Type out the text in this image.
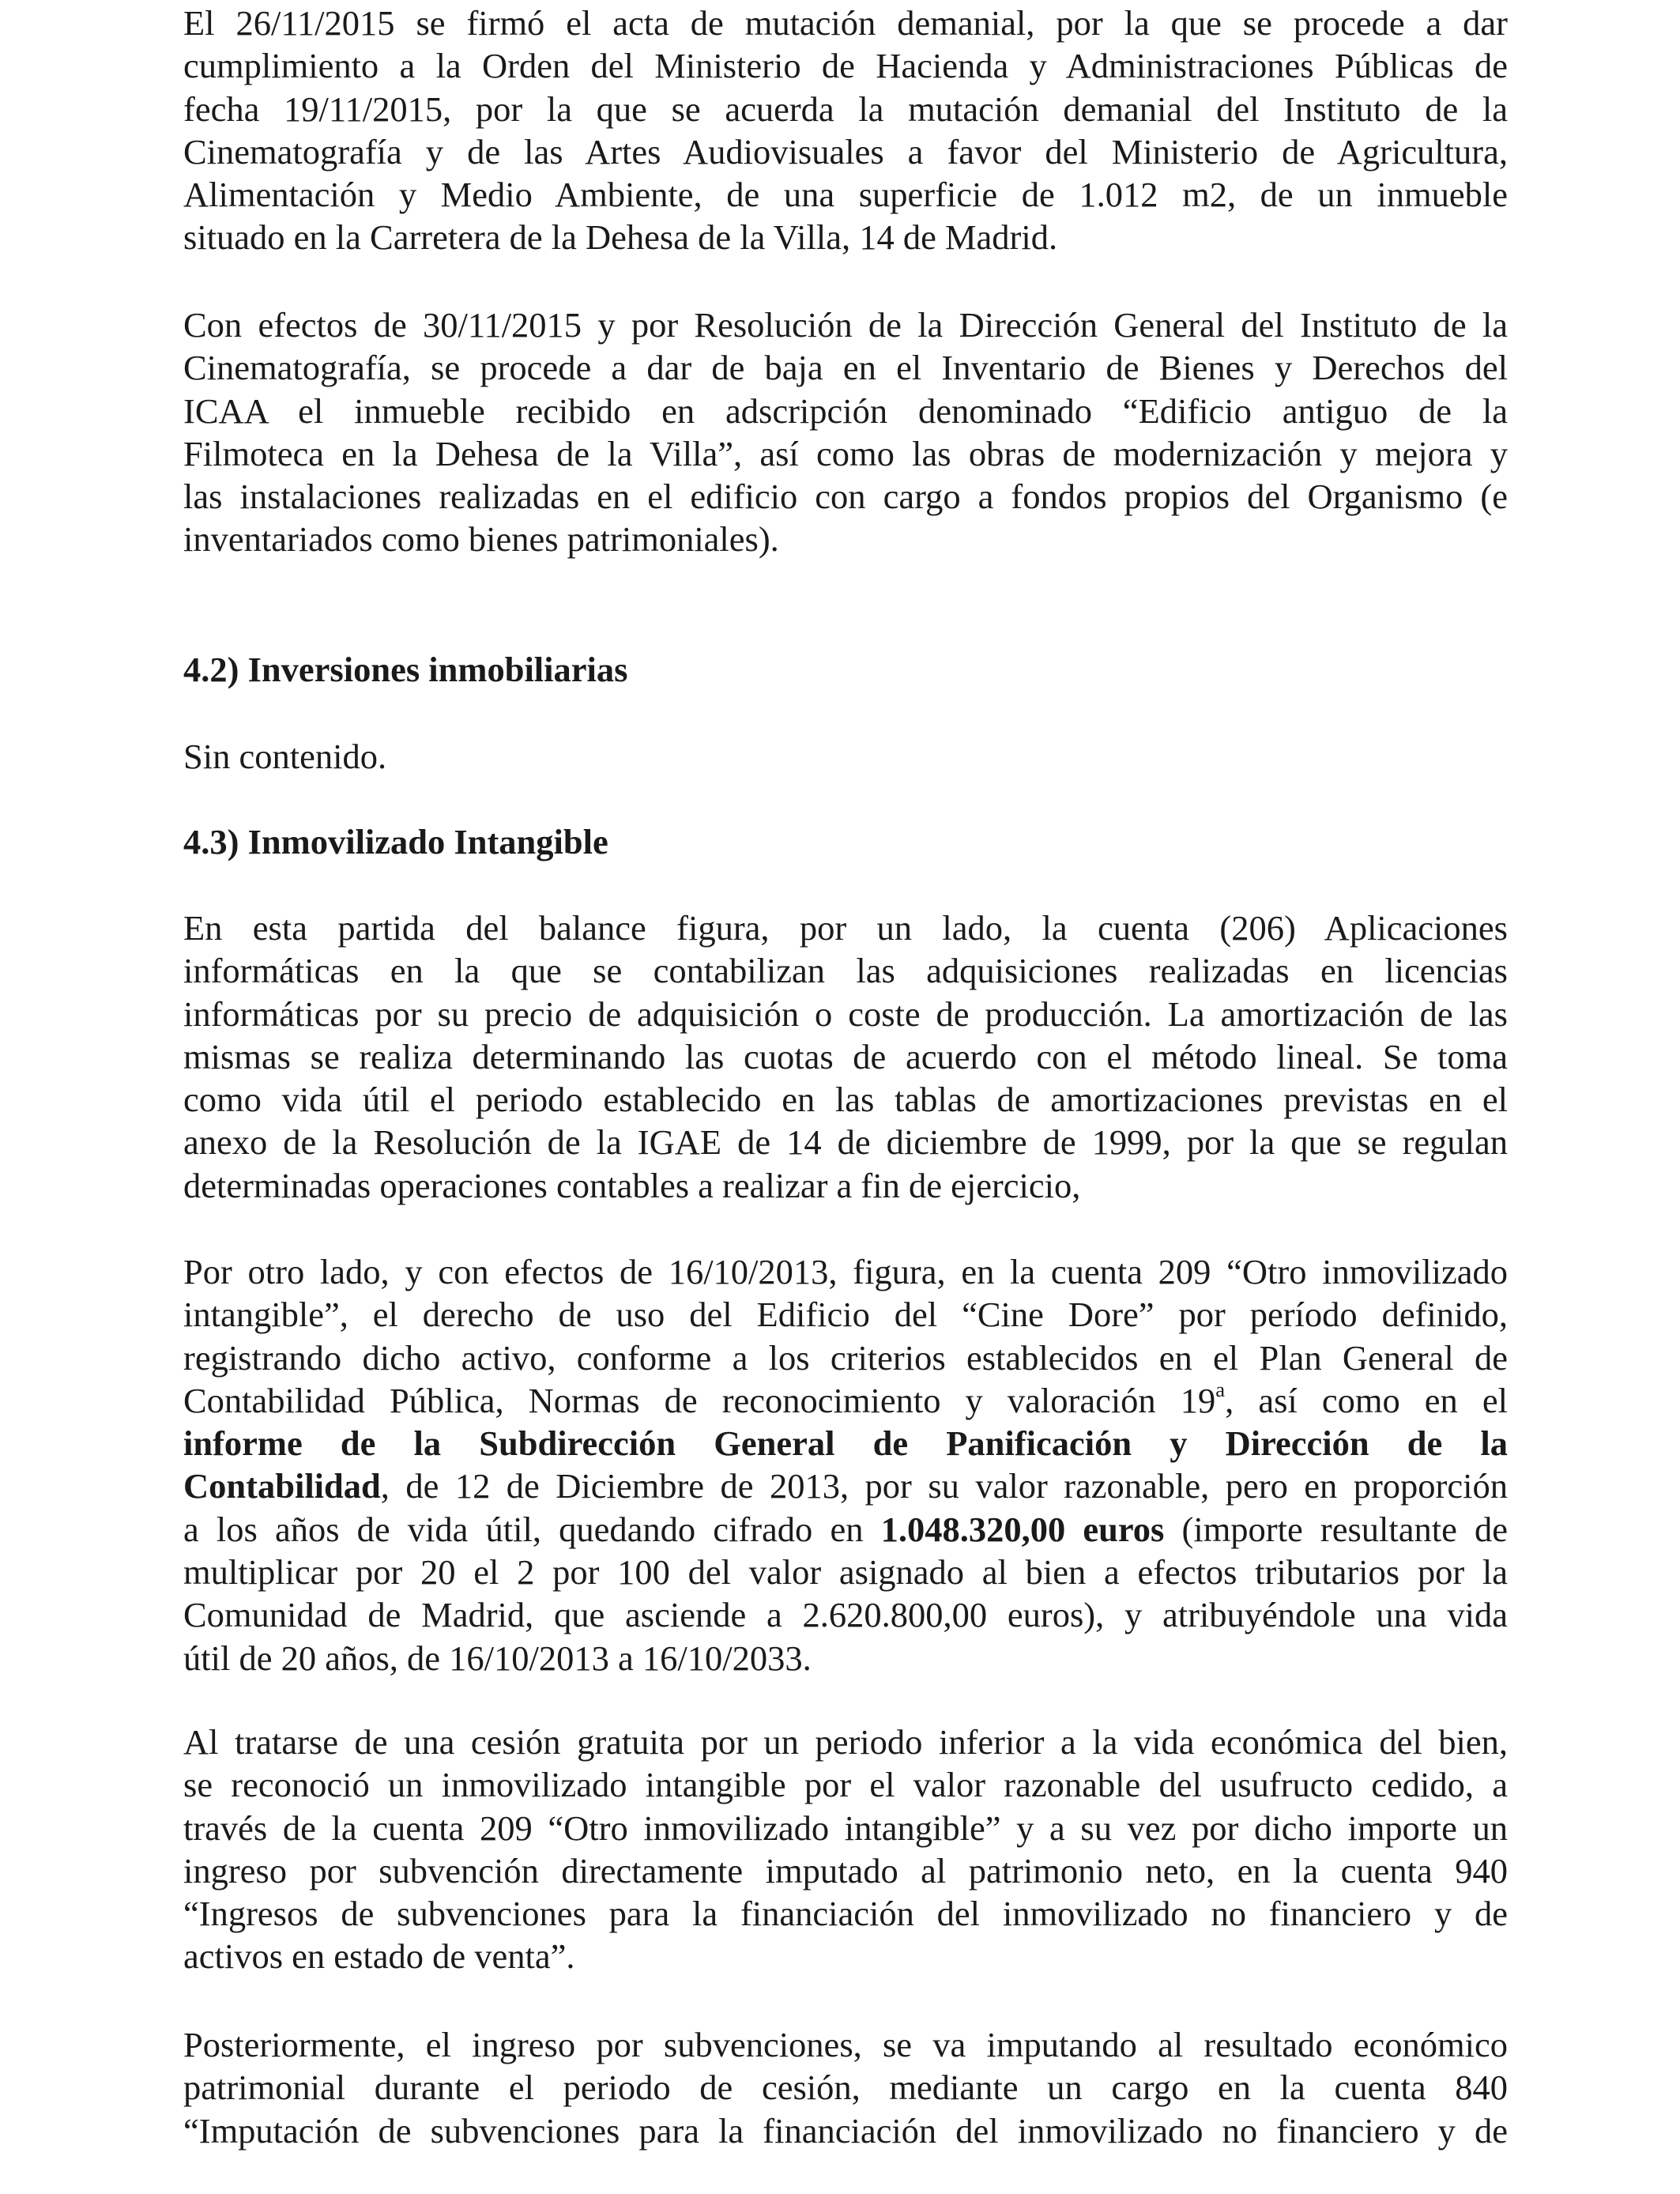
El 26/11/2015 se firmó el acta de mutación demanial, por la que se procede a dar
cumplimiento a la Orden del Ministerio de Hacienda y Administraciones Públicas de
fecha 19/11/2015, por la que se acuerda la mutación demanial del Instituto de la
Cinematografía y de las Artes Audiovisuales a favor del Ministerio de Agricultura,
Alimentación y Medio Ambiente, de una superficie de 1.012 m2, de un inmueble
situado en la Carretera de la Dehesa de la Villa, 14 de Madrid.
Con efectos de 30/11/2015 y por Resolución de la Dirección General del Instituto de la
Cinematografía, se procede a dar de baja en el Inventario de Bienes y Derechos del
ICAA el inmueble recibido en adscripción denominado “Edificio antiguo de la
Filmoteca en la Dehesa de la Villa”, así como las obras de modernización y mejora y
las instalaciones realizadas en el edificio con cargo a fondos propios del Organismo (e
inventariados como bienes patrimoniales).
4.2) Inversiones inmobiliarias

Sin contenido.

4.3) Inmovilizado Intangible
En esta partida del balance figura, por un lado, la cuenta (206) Aplicaciones
informáticas en la que se contabilizan las adquisiciones realizadas en licencias
informáticas por su precio de adquisición o coste de producción. La amortización de las
mismas se realiza determinando las cuotas de acuerdo con el método lineal. Se toma
como vida útil el periodo establecido en las tablas de amortizaciones previstas en el
anexo de la Resolución de la IGAE de 14 de diciembre de 1999, por la que se regulan
determinadas operaciones contables a realizar a fin de ejercicio,
Por otro lado, y con efectos de 16/10/2013, figura, en la cuenta 209 “Otro inmovilizado
intangible”, el derecho de uso del Edificio del “Cine Dore” por período definido,
registrando dicho activo, conforme a los criterios establecidos en el Plan General de
Contabilidad Pública, Normas de reconocimiento y valoración 19$^a$, así como en el
informe de la Subdirección General de Panificación y Dirección de la
Contabilidad, de 12 de Diciembre de 2013, por su valor razonable, pero en proporción
a los años de vida útil, quedando cifrado en 1.048.320,00 euros (importe resultante de
multiplicar por 20 el 2 por 100 del valor asignado al bien a efectos tributarios por la
Comunidad de Madrid, que asciende a 2.620.800,00 euros), y atribuyéndole una vida
útil de 20 años, de 16/10/2013 a 16/10/2033.
Al tratarse de una cesión gratuita por un periodo inferior a la vida económica del bien,
se reconoció un inmovilizado intangible por el valor razonable del usufructo cedido, a
través de la cuenta 209 “Otro inmovilizado intangible” y a su vez por dicho importe un
ingreso por subvención directamente imputado al patrimonio neto, en la cuenta 940
“Ingresos de subvenciones para la financiación del inmovilizado no financiero y de
activos en estado de venta”.
Posteriormente, el ingreso por subvenciones, se va imputando al resultado económico
patrimonial durante el periodo de cesión, mediante un cargo en la cuenta 840
“Imputación de subvenciones para la financiación del inmovilizado no financiero y de
